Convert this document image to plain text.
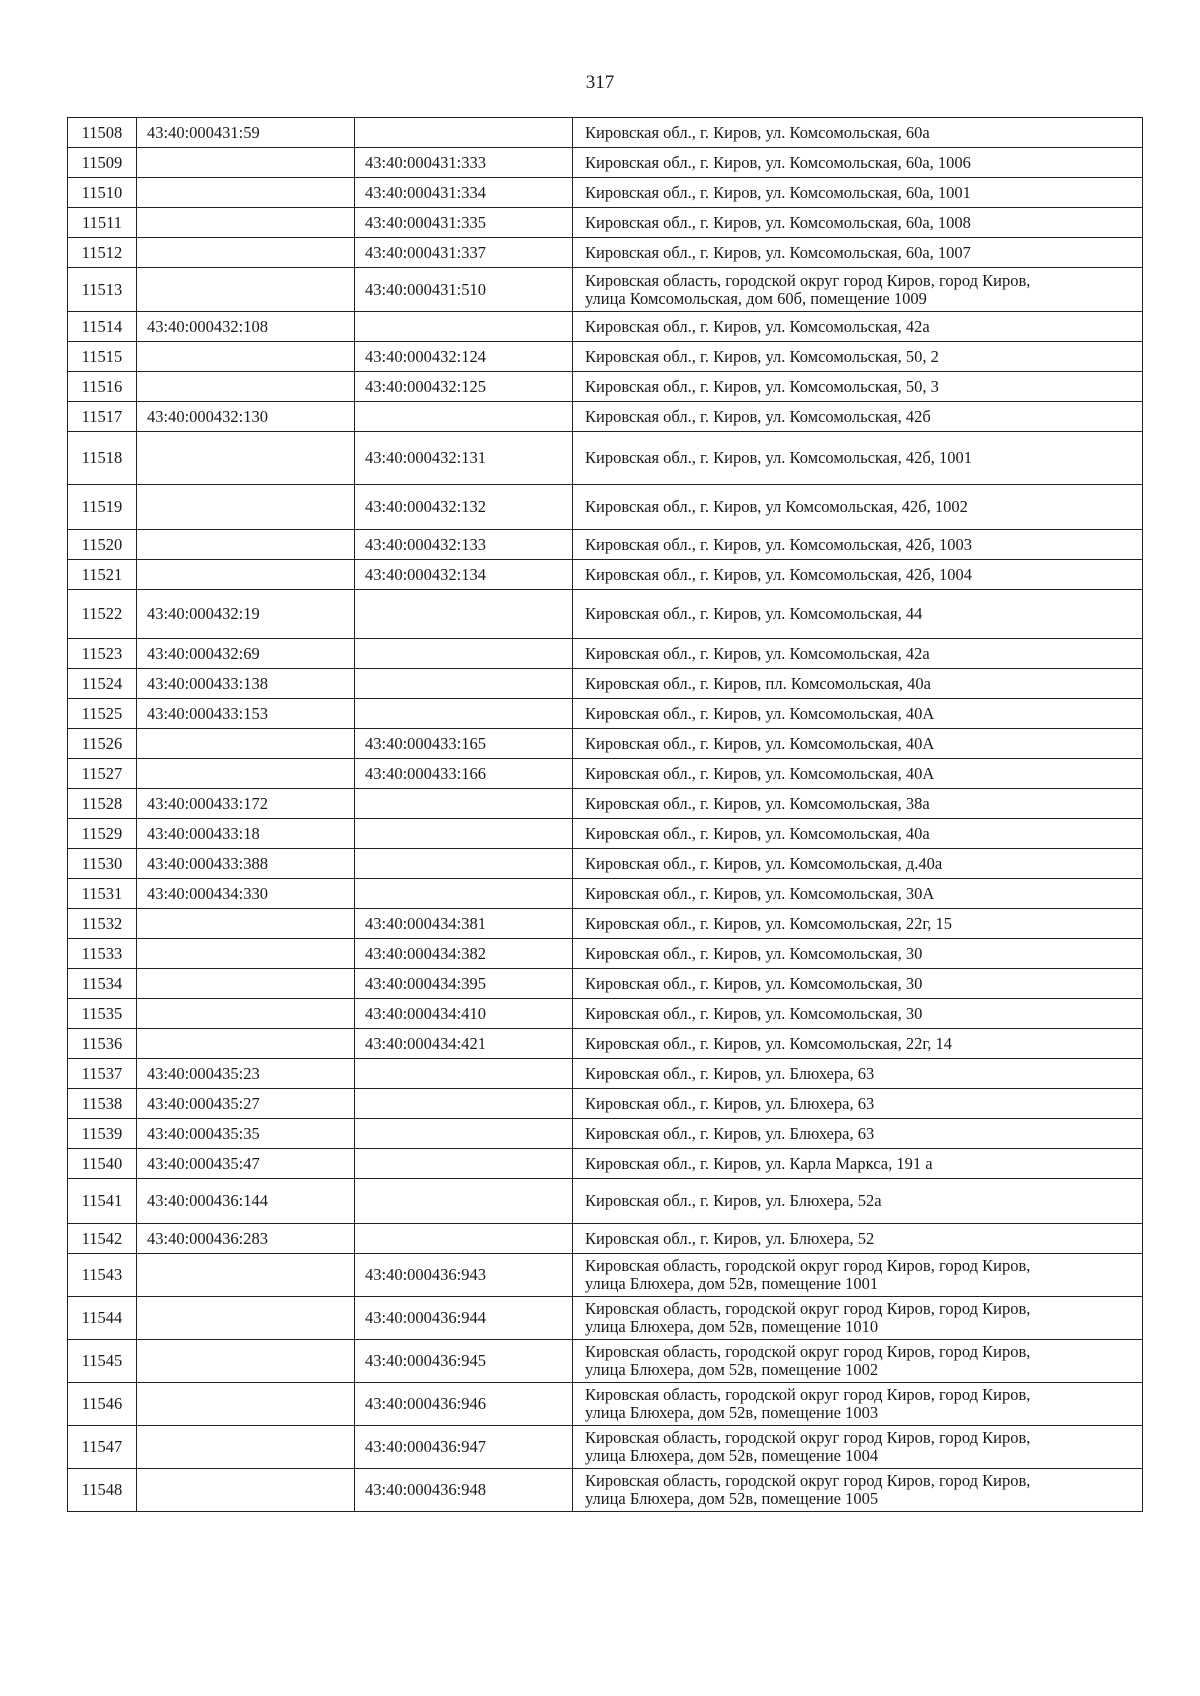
317
11508	43:40:000431:59		Кировская обл., г. Киров, ул. Комсомольская, 60а

11509		43:40:000431:333	Кировская обл., г. Киров, ул. Комсомольская, 60а, 1006

11510		43:40:000431:334	Кировская обл., г. Киров, ул. Комсомольская, 60а, 1001

11511		43:40:000431:335	Кировская обл., г. Киров, ул. Комсомольская, 60а, 1008

11512		43:40:000431:337	Кировская обл., г. Киров, ул. Комсомольская, 60а, 1007

11513		43:40:000431:510	Кировская область, городской округ город Киров, город Киров,
улица Комсомольская, дом 60б, помещение 1009

11514	43:40:000432:108		Кировская обл., г. Киров, ул. Комсомольская, 42а

11515		43:40:000432:124	Кировская обл., г. Киров, ул. Комсомольская, 50, 2

11516		43:40:000432:125	Кировская обл., г. Киров, ул. Комсомольская, 50, 3

11517	43:40:000432:130		Кировская обл., г. Киров, ул. Комсомольская, 42б

11518		43:40:000432:131	Кировская обл., г. Киров, ул. Комсомольская, 42б, 1001

11519		43:40:000432:132	Кировская обл., г. Киров, ул Комсомольская, 42б, 1002

11520		43:40:000432:133	Кировская обл., г. Киров, ул. Комсомольская, 42б, 1003

11521		43:40:000432:134	Кировская обл., г. Киров, ул. Комсомольская, 42б, 1004

11522	43:40:000432:19		Кировская обл., г. Киров, ул. Комсомольская, 44

11523	43:40:000432:69		Кировская обл., г. Киров, ул. Комсомольская, 42а

11524	43:40:000433:138		Кировская обл., г. Киров, пл. Комсомольская, 40а

11525	43:40:000433:153		Кировская обл., г. Киров, ул. Комсомольская, 40А

11526		43:40:000433:165	Кировская обл., г. Киров, ул. Комсомольская, 40А

11527		43:40:000433:166	Кировская обл., г. Киров, ул. Комсомольская, 40А

11528	43:40:000433:172		Кировская обл., г. Киров, ул. Комсомольская, 38а

11529	43:40:000433:18		Кировская обл., г. Киров, ул. Комсомольская, 40а

11530	43:40:000433:388		Кировская обл., г. Киров, ул. Комсомольская, д.40а

11531	43:40:000434:330		Кировская обл., г. Киров, ул. Комсомольская, 30А

11532		43:40:000434:381	Кировская обл., г. Киров, ул. Комсомольская, 22г, 15

11533		43:40:000434:382	Кировская обл., г. Киров, ул. Комсомольская, 30

11534		43:40:000434:395	Кировская обл., г. Киров, ул. Комсомольская, 30

11535		43:40:000434:410	Кировская обл., г. Киров, ул. Комсомольская, 30

11536		43:40:000434:421	Кировская обл., г. Киров, ул. Комсомольская, 22г, 14

11537	43:40:000435:23		Кировская обл., г. Киров, ул. Блюхера, 63

11538	43:40:000435:27		Кировская обл., г. Киров, ул. Блюхера, 63

11539	43:40:000435:35		Кировская обл., г. Киров, ул. Блюхера, 63

11540	43:40:000435:47		Кировская обл., г. Киров, ул. Карла Маркса, 191 а

11541	43:40:000436:144		Кировская обл., г. Киров, ул. Блюхера, 52а

11542	43:40:000436:283		Кировская обл., г. Киров, ул. Блюхера, 52

11543		43:40:000436:943	Кировская область, городской округ город Киров, город Киров,
улица Блюхера, дом 52в, помещение 1001

11544		43:40:000436:944	Кировская область, городской округ город Киров, город Киров,
улица Блюхера, дом 52в, помещение 1010

11545		43:40:000436:945	Кировская область, городской округ город Киров, город Киров,
улица Блюхера, дом 52в, помещение 1002

11546		43:40:000436:946	Кировская область, городской округ город Киров, город Киров,
улица Блюхера, дом 52в, помещение 1003

11547		43:40:000436:947	Кировская область, городской округ город Киров, город Киров,
улица Блюхера, дом 52в, помещение 1004

11548		43:40:000436:948	Кировская область, городской округ город Киров, город Киров,
улица Блюхера, дом 52в, помещение 1005
